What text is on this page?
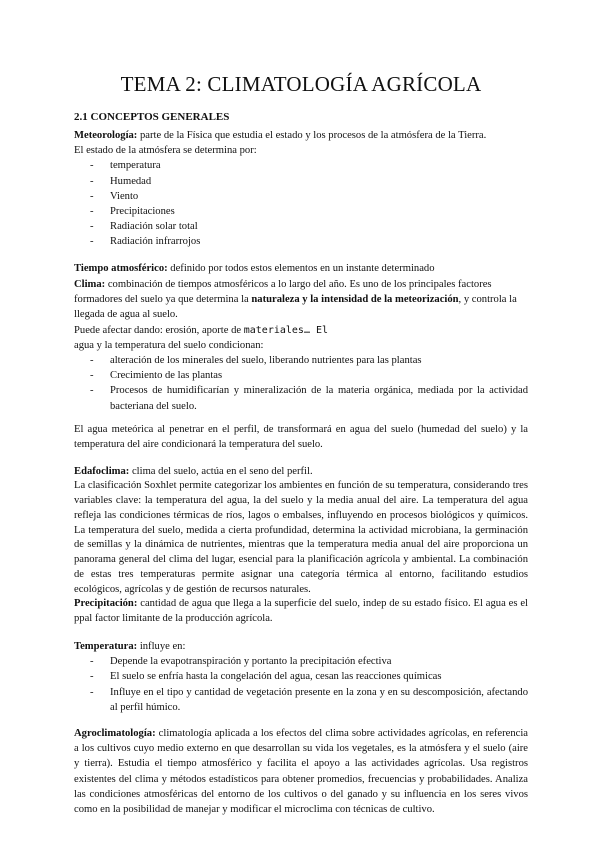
TEMA 2: CLIMATOLOGÍA AGRÍCOLA

2.1 CONCEPTOS GENERALES

Meteorología: parte de la Física que estudia el estado y los procesos de la atmósfera de la Tierra.

El estado de la atmósfera se determina por:

- temperatura
- Humedad
- Viento
- Precipitaciones
- Radiación solar total
- Radiación infrarrojos

Tiempo atmosférico: definido por todos estos elementos en un instante determinado

Clima: combinación de tiempos atmosféricos a lo largo del año. Es uno de los principales factores formadores del suelo ya que determina la naturaleza y la intensidad de la meteorización, y controla la llegada de agua al suelo.

Puede afectar dando: erosión, aporte de materiales… El

agua y la temperatura del suelo condicionan:

- alteración de los minerales del suelo, liberando nutrientes para las plantas
- Crecimiento de las plantas
- Procesos de humidificarían y mineralización de la materia orgánica, mediada por la actividad bacteriana del suelo.

El agua meteórica al penetrar en el perfil, de transformará en agua del suelo (humedad del suelo) y la temperatura del aire condicionará la temperatura del suelo.

Edafoclima: clima del suelo, actúa en el seno del perfil.

La clasificación Soxhlet permite categorizar los ambientes en función de su temperatura, considerando tres variables clave: la temperatura del agua, la del suelo y la media anual del aire. La temperatura del agua refleja las condiciones térmicas de ríos, lagos o embalses, influyendo en procesos biológicos y químicos. La temperatura del suelo, medida a cierta profundidad, determina la actividad microbiana, la germinación de semillas y la dinámica de nutrientes, mientras que la temperatura media anual del aire proporciona un panorama general del clima del lugar, esencial para la planificación agrícola y ambiental. La combinación de estas tres temperaturas permite asignar una categoría térmica al entorno, facilitando estudios ecológicos, agrícolas y de gestión de recursos naturales.

Precipitación: cantidad de agua que llega a la superficie del suelo, indep de su estado físico. El agua es el ppal factor limitante de la producción agrícola.

Temperatura: influye en:

- Depende la evapotranspiración y portanto la precipitación efectiva
- El suelo se enfría hasta la congelación del agua, cesan las reacciones químicas
- Influye en el tipo y cantidad de vegetación presente en la zona y en su descomposición, afectando al perfil húmico.

Agroclimatología: climatología aplicada a los efectos del clima sobre actividades agrícolas, en referencia a los cultivos cuyo medio externo en que desarrollan su vida los vegetales, es la atmósfera y el suelo (aire y tierra). Estudia el tiempo atmosférico y facilita el apoyo a las actividades agrícolas. Usa registros existentes del clima y métodos estadísticos para obtener promedios, frecuencias y probabilidades. Analiza las condiciones atmosféricas del entorno de los cultivos o del ganado y su influencia en los seres vivos como en la posibilidad de manejar y modificar el microclima con técnicas de cultivo.
